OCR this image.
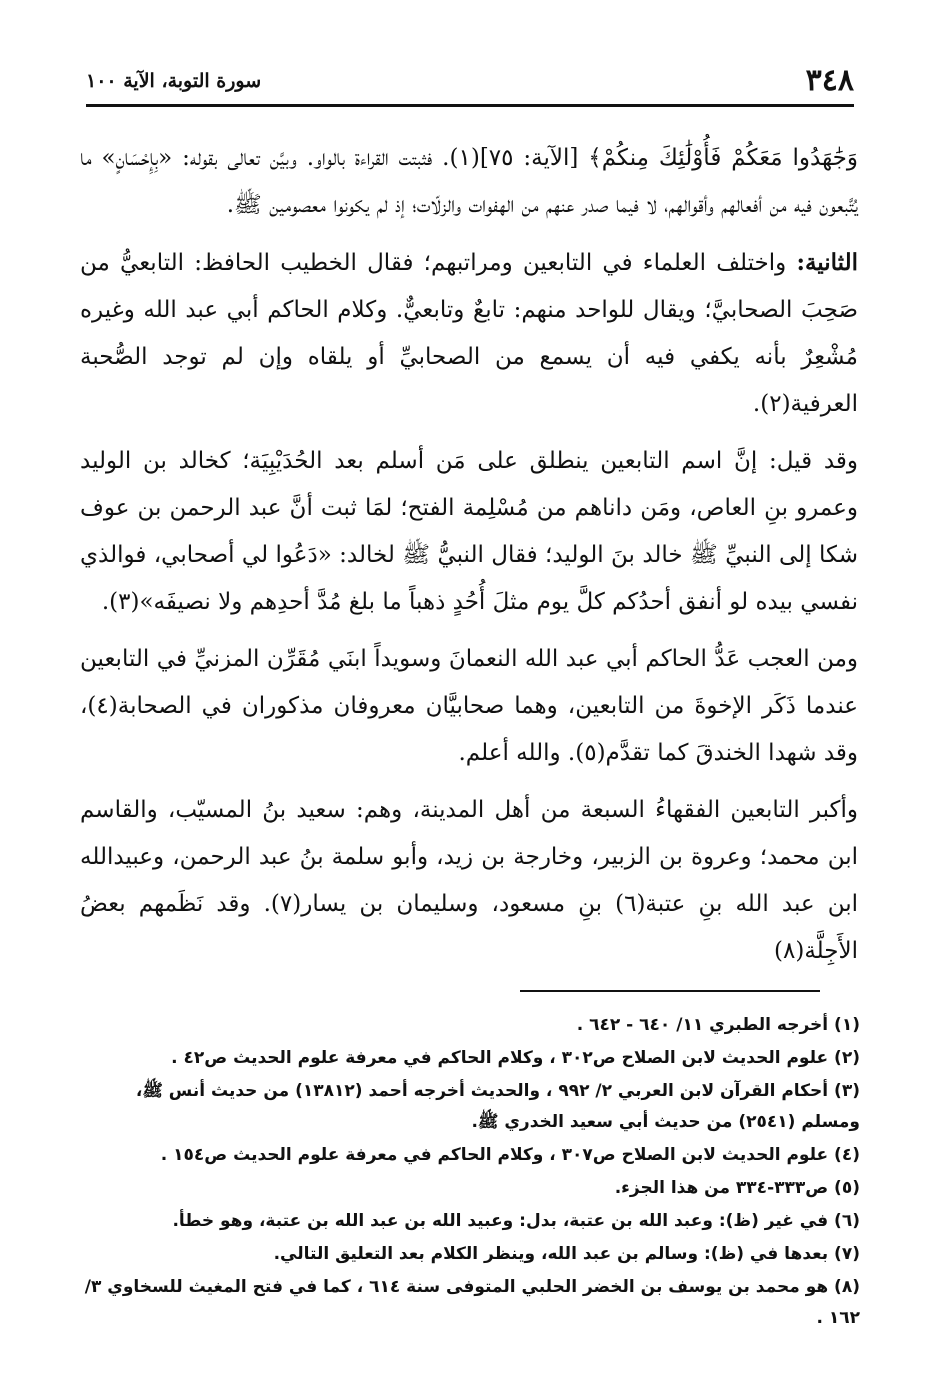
٣٤٨
سورة التوبة، الآية ١٠٠

وَجَٰهَدُوا مَعَكُمْ فَأُوْلَٰئِكَ مِنكُمْ﴾ [الآية: ٧٥](١). فثبتت القراءة بالواو. وبيَّن تعالى بقوله: «بِإِحْسَانٍ» ما يُتَّبعون فيه من أفعالهم وأقوالهم، لا فيما صدر عنهم من الهفوات والزلّات؛ إذ لم يكونوا معصومين ﷺ.

الثانية: واختلف العلماء في التابعين ومراتبهم؛ فقال الخطيب الحافظ: التابعيُّ من صَحِبَ الصحابيَّ؛ ويقال للواحد منهم: تابعٌ وتابعيٌّ. وكلام الحاكم أبي عبد الله وغيره مُشْعِرٌ بأنه يكفي فيه أن يسمع من الصحابيِّ أو يلقاه وإن لم توجد الصُّحبة العرفية(٢).

وقد قيل: إنَّ اسم التابعين ينطلق على مَن أسلم بعد الحُدَيْبِيَة؛ كخالد بن الوليد وعمرو بنِ العاص، ومَن داناهم من مُسْلِمة الفتح؛ لمَا ثبت أنَّ عبد الرحمن بن عوف شكا إلى النبيِّ ﷺ خالد بنَ الوليد؛ فقال النبيُّ ﷺ لخالد: «دَعُوا لي أصحابي، فوالذي نفسي بيده لو أنفق أحدُكم كلَّ يوم مثلَ أُحُدٍ ذهباً ما بلغ مُدَّ أحدِهم ولا نصيفَه»(٣).

ومن العجب عَدُّ الحاكم أبي عبد الله النعمانَ وسويداً ابنَي مُقَرِّن المزنيِّ في التابعين عندما ذَكَر الإخوةَ من التابعين، وهما صحابيَّان معروفان مذكوران في الصحابة(٤)، وقد شهدا الخندقَ كما تقدَّم(٥). والله أعلم.

وأكبر التابعين الفقهاءُ السبعة من أهل المدينة، وهم: سعيد بنُ المسيّب، والقاسم ابن محمد؛ وعروة بن الزبير، وخارجة بن زيد، وأبو سلمة بنُ عبد الرحمن، وعبيدالله ابن عبد الله بنِ عتبة(٦) بنِ مسعود، وسليمان بن يسار(٧). وقد نَظَمهم بعضُ الأَجِلَّة(٨)

(١) أخرجه الطبري ١١/ ٦٤٠ - ٦٤٢ .

(٢) علوم الحديث لابن الصلاح ص٣٠٢ ، وكلام الحاكم في معرفة علوم الحديث ص٤٢ .

(٣) أحكام القرآن لابن العربي ٢/ ٩٩٢ ، والحديث أخرجه أحمد (١٣٨١٢) من حديث أنس ﷺ، ومسلم (٢٥٤١) من حديث أبي سعيد الخدري ﷺ.

(٤) علوم الحديث لابن الصلاح ص٣٠٧ ، وكلام الحاكم في معرفة علوم الحديث ص١٥٤ .

(٥) ص٣٣٣-٣٣٤ من هذا الجزء.

(٦) في غير (ظ): وعبد الله بن عتبة، بدل: وعبيد الله بن عبد الله بن عتبة، وهو خطأ.

(٧) بعدها في (ظ): وسالم بن عبد الله، وينظر الكلام بعد التعليق التالي.

(٨) هو محمد بن يوسف بن الخضر الحلبي المتوفى سنة ٦١٤ ، كما في فتح المغيث للسخاوي ٣/ ١٦٢ .
